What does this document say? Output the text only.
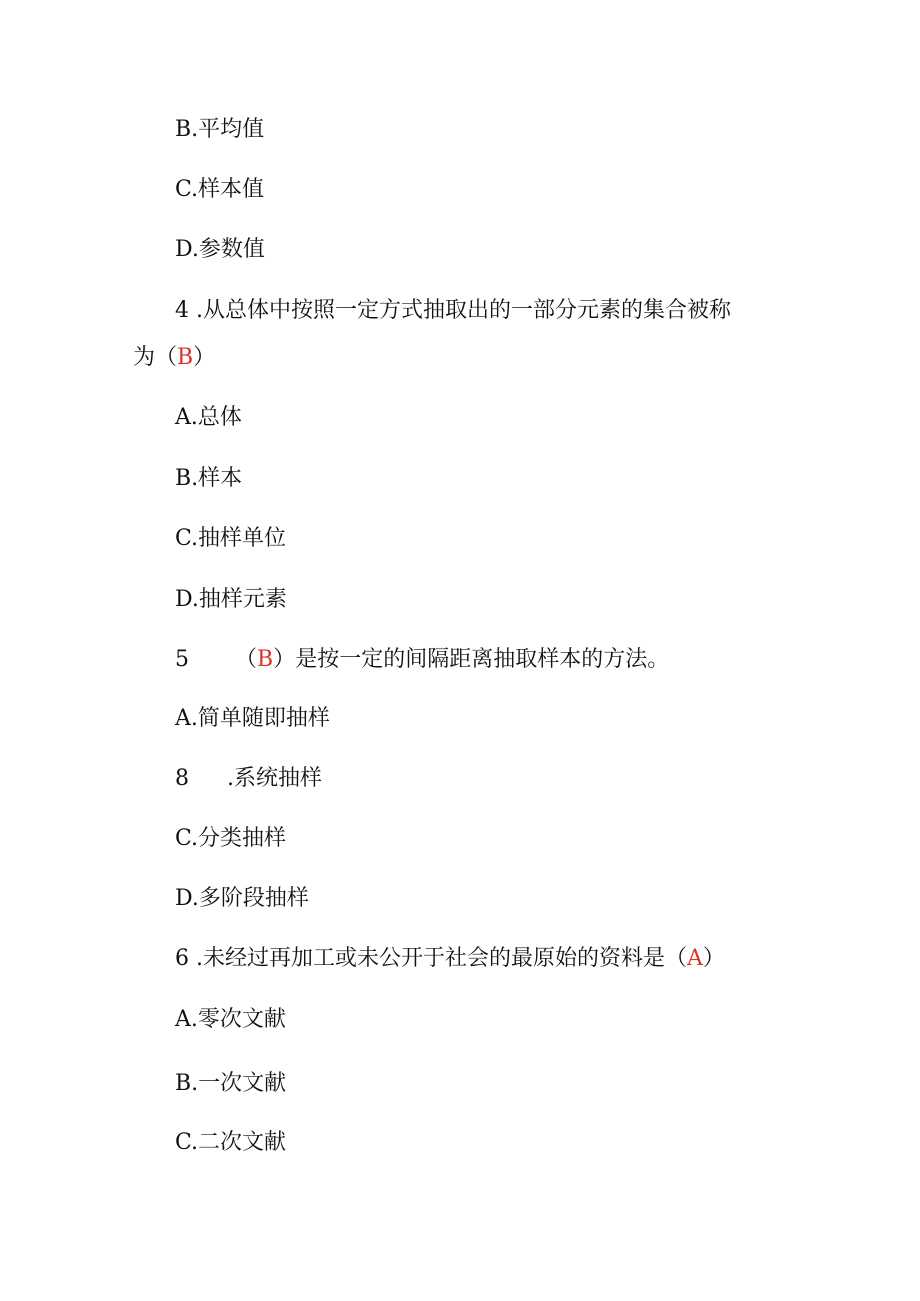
B.平均值
C.样本值
D.参数值
4 .从总体中按照一定方式抽取出的一部分元素的集合被称
为（B）
A.总体
B.样本
C.抽样单位
D.抽样元素
5 （B）是按一定的间隔距离抽取样本的方法。
A.简单随即抽样
8 .系统抽样
C.分类抽样
D.多阶段抽样
6 .未经过再加工或未公开于社会的最原始的资料是（A）
A.零次文献
B.一次文献
C.二次文献
